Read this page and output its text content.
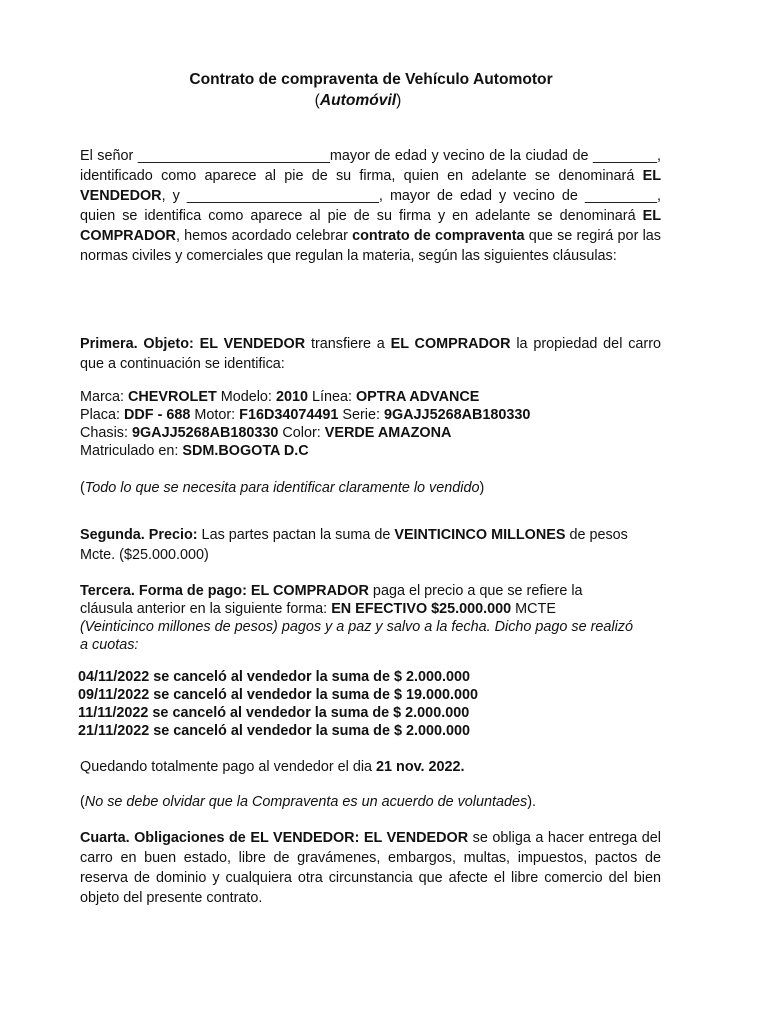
Contrato de compraventa de Vehículo Automotor
(Automóvil)
El señor ________________________mayor de edad y vecino de la ciudad de ________, identificado como aparece al pie de su firma, quien en adelante se denominará EL VENDEDOR, y ________________________, mayor de edad y vecino de _________, quien se identifica como aparece al pie de su firma y en adelante se denominará EL COMPRADOR, hemos acordado celebrar contrato de compraventa que se regirá por las normas civiles y comerciales que regulan la materia, según las siguientes cláusulas:
Primera. Objeto: EL VENDEDOR transfiere a EL COMPRADOR la propiedad del carro que a continuación se identifica:
Marca: CHEVROLET Modelo: 2010 Línea: OPTRA ADVANCE
Placa: DDF - 688 Motor: F16D34074491 Serie: 9GAJJ5268AB180330
Chasis: 9GAJJ5268AB180330 Color: VERDE AMAZONA
Matriculado en: SDM.BOGOTA D.C
(Todo lo que se necesita para identificar claramente lo vendido)
Segunda. Precio: Las partes pactan la suma de VEINTICINCO MILLONES de pesos
Mcte. ($25.000.000)
Tercera. Forma de pago: EL COMPRADOR paga el precio a que se refiere la
cláusula anterior en la siguiente forma: EN EFECTIVO $25.000.000 MCTE
(Veinticinco millones de pesos) pagos y a paz y salvo a la fecha. Dicho pago se realizó
a cuotas:
04/11/2022 se canceló al vendedor la suma de $ 2.000.000
09/11/2022 se canceló al vendedor la suma de $ 19.000.000
11/11/2022 se canceló al vendedor la suma de $ 2.000.000
21/11/2022 se canceló al vendedor la suma de $ 2.000.000
Quedando totalmente pago al vendedor el dia 21 nov. 2022.
(No se debe olvidar que la Compraventa es un acuerdo de voluntades).
Cuarta. Obligaciones de EL VENDEDOR: EL VENDEDOR se obliga a hacer entrega del carro en buen estado, libre de gravámenes, embargos, multas, impuestos, pactos de reserva de dominio y cualquiera otra circunstancia que afecte el libre comercio del bien objeto del presente contrato.
